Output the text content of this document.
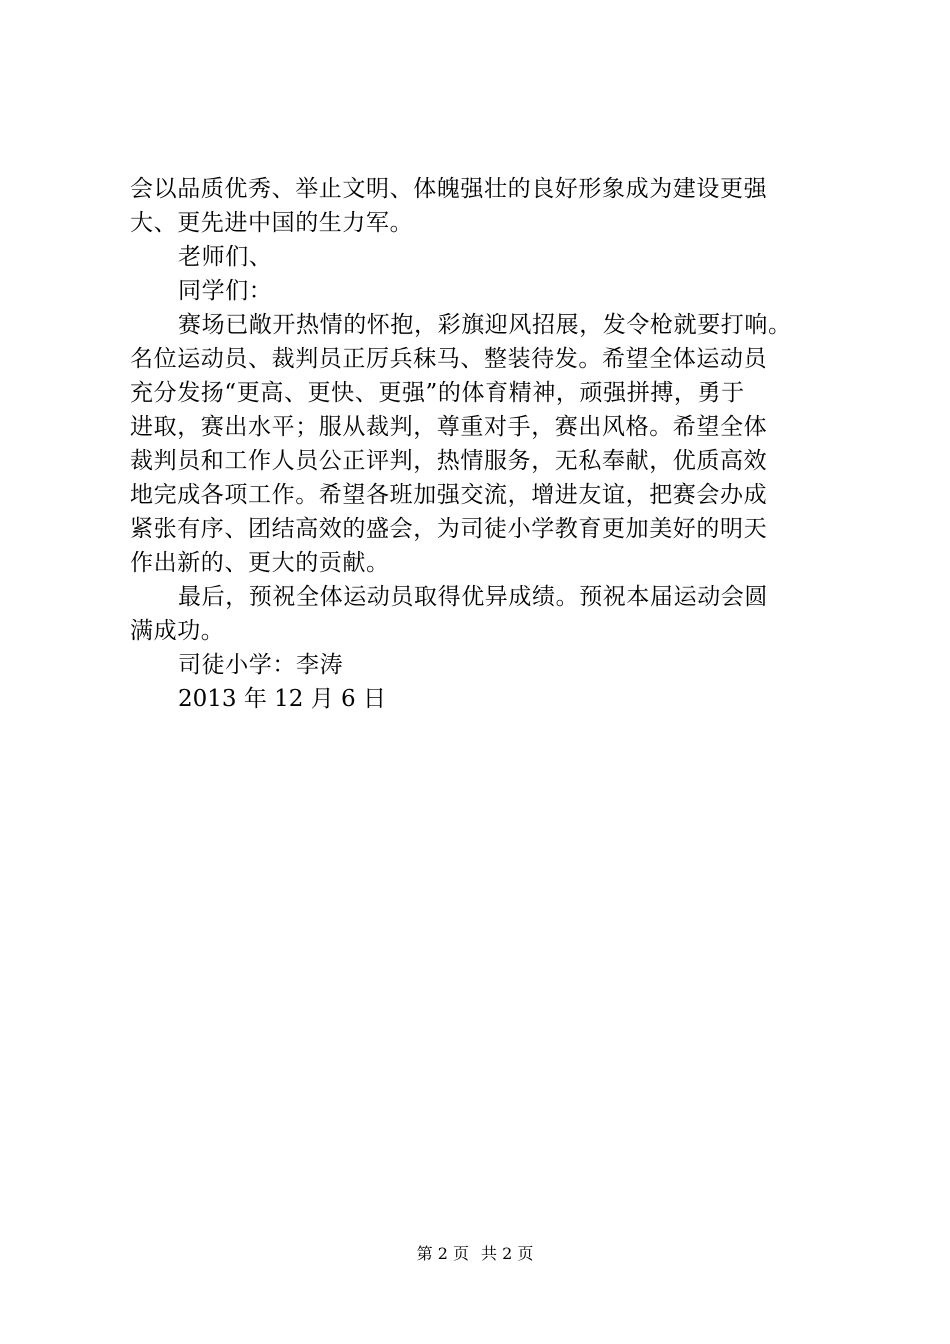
会以品质优秀、举止文明、体魄强壮的良好形象成为建设更强
大、更先进中国的生力军。
老师们、
同学们：
赛场已敞开热情的怀抱，彩旗迎风招展，发令枪就要打响。
名位运动员、裁判员正厉兵秣马、整装待发。希望全体运动员
充分发扬“更高、更快、更强”的体育精神，顽强拼搏，勇于
进取，赛出水平；服从裁判，尊重对手，赛出风格。希望全体
裁判员和工作人员公正评判，热情服务，无私奉献，优质高效
地完成各项工作。希望各班加强交流，增进友谊，把赛会办成
紧张有序、团结高效的盛会，为司徒小学教育更加美好的明天
作出新的、更大的贡献。
最后，预祝全体运动员取得优异成绩。预祝本届运动会圆
满成功。
司徒小学：李涛
2013 年 12 月 6 日
第 2 页 共 2 页
